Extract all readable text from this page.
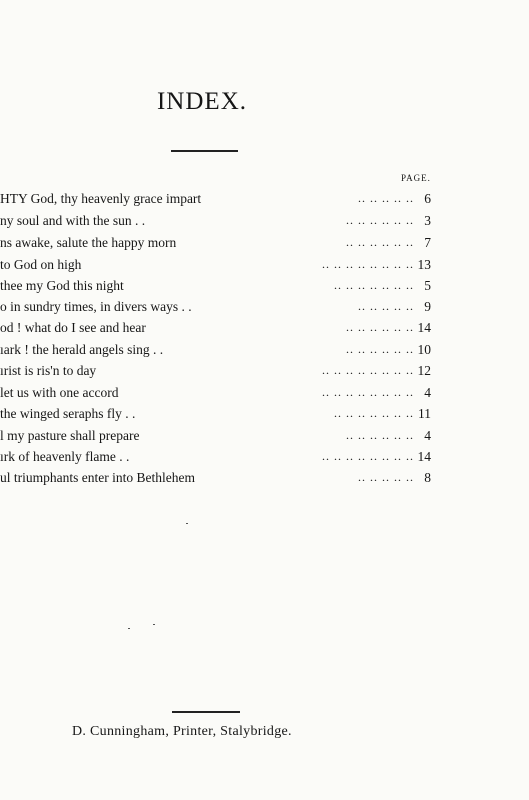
INDEX.
PAGE.
HTY God, thy heavenly grace impart	.. .. .. .. .. 6
ny soul and with the sun . .	.. .. .. .. .. .. 3
ns awake, salute the happy morn	.. .. .. .. .. .. 7
to God on high	.. .. .. .. .. .. .. .. 13
thee my God this night	.. .. .. .. .. .. .. 5
o in sundry times, in divers ways . .	.. .. .. .. .. 9
od ! what do I see and hear	.. .. .. .. .. .. 14
ıark ! the herald angels sing . .	.. .. .. .. .. .. 10
ırist is ris'n to day	.. .. .. .. .. .. .. .. 12
let us with one accord	.. .. .. .. .. .. .. .. 4
the winged seraphs fly . .	.. .. .. .. .. .. .. 11
l my pasture shall prepare	.. .. .. .. .. .. 4
ırk of heavenly flame . .	.. .. .. .. .. .. .. .. 14
ul triumphants enter into Bethlehem	.. .. .. .. .. 8
D. Cunningham, Printer, Stalybridge.
